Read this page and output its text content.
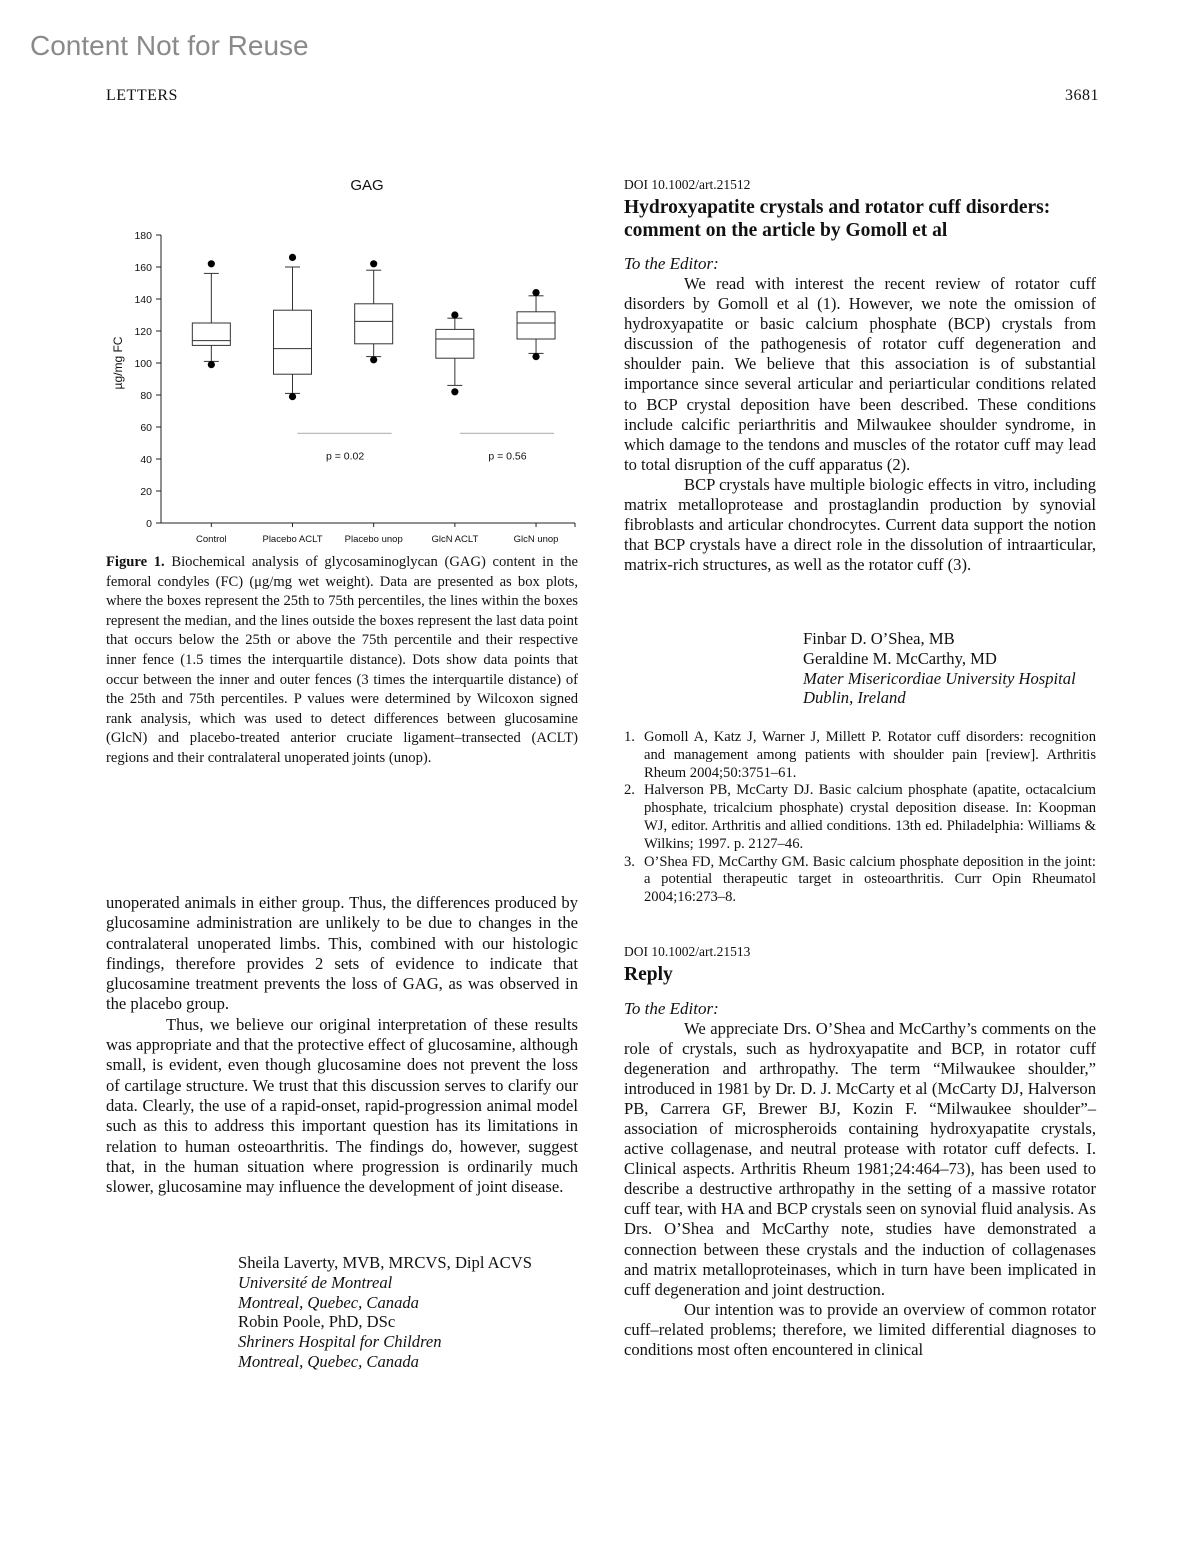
Content Not for Reuse
LETTERS	3681
GAG
0
20
40
60
80
100
120
140
160
180
µg/mg FC
Control	Placebo ACLT Placebo unop	GlcN ACLT	GlcN unop
p = 0.02	p = 0.56
Figure 1. Biochemical analysis of glycosaminoglycan (GAG) content in the femoral condyles (FC) (μg/mg wet weight). Data are presented as box plots, where the boxes represent the 25th to 75th percentiles, the lines within the boxes represent the median, and the lines outside the boxes represent the last data point that occurs below the 25th or above the 75th percentile and their respective inner fence (1.5 times the interquartile distance). Dots show data points that occur between the inner and outer fences (3 times the interquartile distance) of the 25th and 75th percentiles. P values were determined by Wilcoxon signed rank analysis, which was used to detect differences between glucosamine (GlcN) and placebo-treated anterior cruciate ligament–transected (ACLT) regions and their contralateral unoperated joints (unop).

unoperated animals in either group. Thus, the differences produced by glucosamine administration are unlikely to be due to changes in the contralateral unoperated limbs. This, combined with our histologic findings, therefore provides 2 sets of evidence to indicate that glucosamine treatment prevents the loss of GAG, as was observed in the placebo group.

Thus, we believe our original interpretation of these results was appropriate and that the protective effect of glucosamine, although small, is evident, even though glucosamine does not prevent the loss of cartilage structure. We trust that this discussion serves to clarify our data. Clearly, the use of a rapid-onset, rapid-progression animal model such as this to address this important question has its limitations in relation to human osteoarthritis. The findings do, however, suggest that, in the human situation where progression is ordinarily much slower, glucosamine may influence the development of joint disease.

Sheila Laverty, MVB, MRCVS, Dipl ACVS
Université de Montreal
Montreal, Quebec, Canada
Robin Poole, PhD, DSc
Shriners Hospital for Children
Montreal, Quebec, Canada
DOI 10.1002/art.21512
Hydroxyapatite crystals and rotator cuff disorders: comment on the article by Gomoll et al
To the Editor:

We read with interest the recent review of rotator cuff disorders by Gomoll et al (1). However, we note the omission of hydroxyapatite or basic calcium phosphate (BCP) crystals from discussion of the pathogenesis of rotator cuff degeneration and shoulder pain. We believe that this association is of substantial importance since several articular and periarticular conditions related to BCP crystal deposition have been described. These conditions include calcific periarthritis and Milwaukee shoulder syndrome, in which damage to the tendons and muscles of the rotator cuff may lead to total disruption of the cuff apparatus (2).

BCP crystals have multiple biologic effects in vitro, including matrix metalloprotease and prostaglandin production by synovial fibroblasts and articular chondrocytes. Current data support the notion that BCP crystals have a direct role in the dissolution of intraarticular, matrix-rich structures, as well as the rotator cuff (3).

Finbar D. O’Shea, MB
Geraldine M. McCarthy, MD
Mater Misericordiae University Hospital
Dublin, Ireland
1. Gomoll A, Katz J, Warner J, Millett P. Rotator cuff disorders: recognition and management among patients with shoulder pain [review]. Arthritis Rheum 2004;50:3751–61.
2. Halverson PB, McCarty DJ. Basic calcium phosphate (apatite, octacalcium phosphate, tricalcium phosphate) crystal deposition disease. In: Koopman WJ, editor. Arthritis and allied conditions. 13th ed. Philadelphia: Williams & Wilkins; 1997. p. 2127–46.
3. O’Shea FD, McCarthy GM. Basic calcium phosphate deposition in the joint: a potential therapeutic target in osteoarthritis. Curr Opin Rheumatol 2004;16:273–8.
DOI 10.1002/art.21513
Reply
To the Editor:

We appreciate Drs. O’Shea and McCarthy’s comments on the role of crystals, such as hydroxyapatite and BCP, in rotator cuff degeneration and arthropathy. The term “Milwaukee shoulder,” introduced in 1981 by Dr. D. J. McCarty et al (McCarty DJ, Halverson PB, Carrera GF, Brewer BJ, Kozin F. “Milwaukee shoulder”–association of microspheroids containing hydroxyapatite crystals, active collagenase, and neutral protease with rotator cuff defects. I. Clinical aspects. Arthritis Rheum 1981;24:464–73), has been used to describe a destructive arthropathy in the setting of a massive rotator cuff tear, with HA and BCP crystals seen on synovial fluid analysis. As Drs. O’Shea and McCarthy note, studies have demonstrated a connection between these crystals and the induction of collagenases and matrix metalloproteinases, which in turn have been implicated in cuff degeneration and joint destruction.

Our intention was to provide an overview of common rotator cuff–related problems; therefore, we limited differential diagnoses to conditions most often encountered in clinical
